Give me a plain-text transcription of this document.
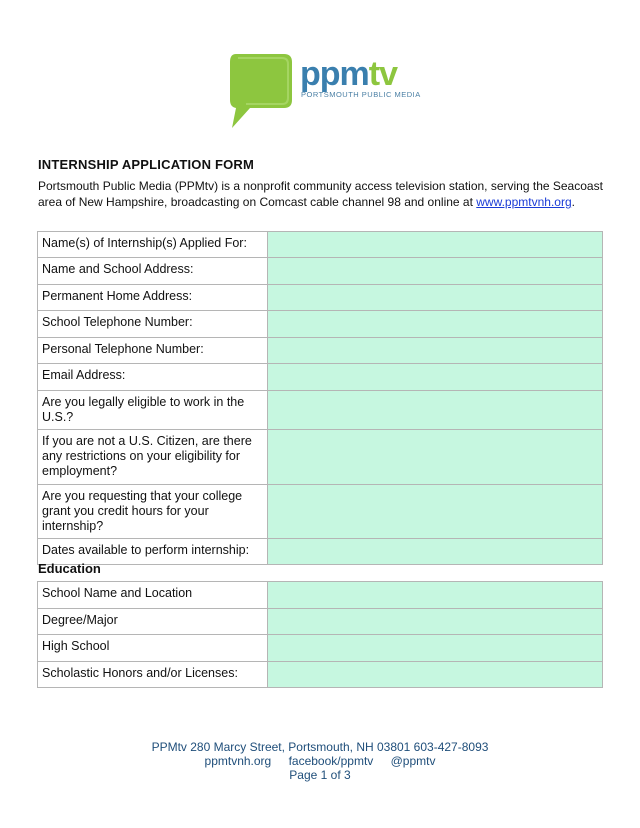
ppmtv
PORTSMOUTH PUBLIC MEDIA
INTERNSHIP APPLICATION FORM

Portsmouth Public Media (PPMtv) is a nonprofit community access television station, serving the Seacoast area of New Hampshire, broadcasting on Comcast cable channel 98 and online at www.ppmtvnh.org.

Name(s) of Internship(s) Applied For:	
Name and School Address:	
Permanent Home Address:	
School Telephone Number:	
Personal Telephone Number:	
Email Address:	
Are you legally eligible to work in the U.S.?	
If you are not a U.S. Citizen, are there any restrictions on your eligibility for employment?	
Are you requesting that your college grant you credit hours for your internship?	
Dates available to perform internship:	
Education
School Name and Location	
Degree/Major	
High School	
Scholastic Honors and/or Licenses:	
PPMtv 280 Marcy Street, Portsmouth, NH 03801 603-427-8093
ppmtvnh.org facebook/ppmtv @ppmtv
Page 1 of 3
